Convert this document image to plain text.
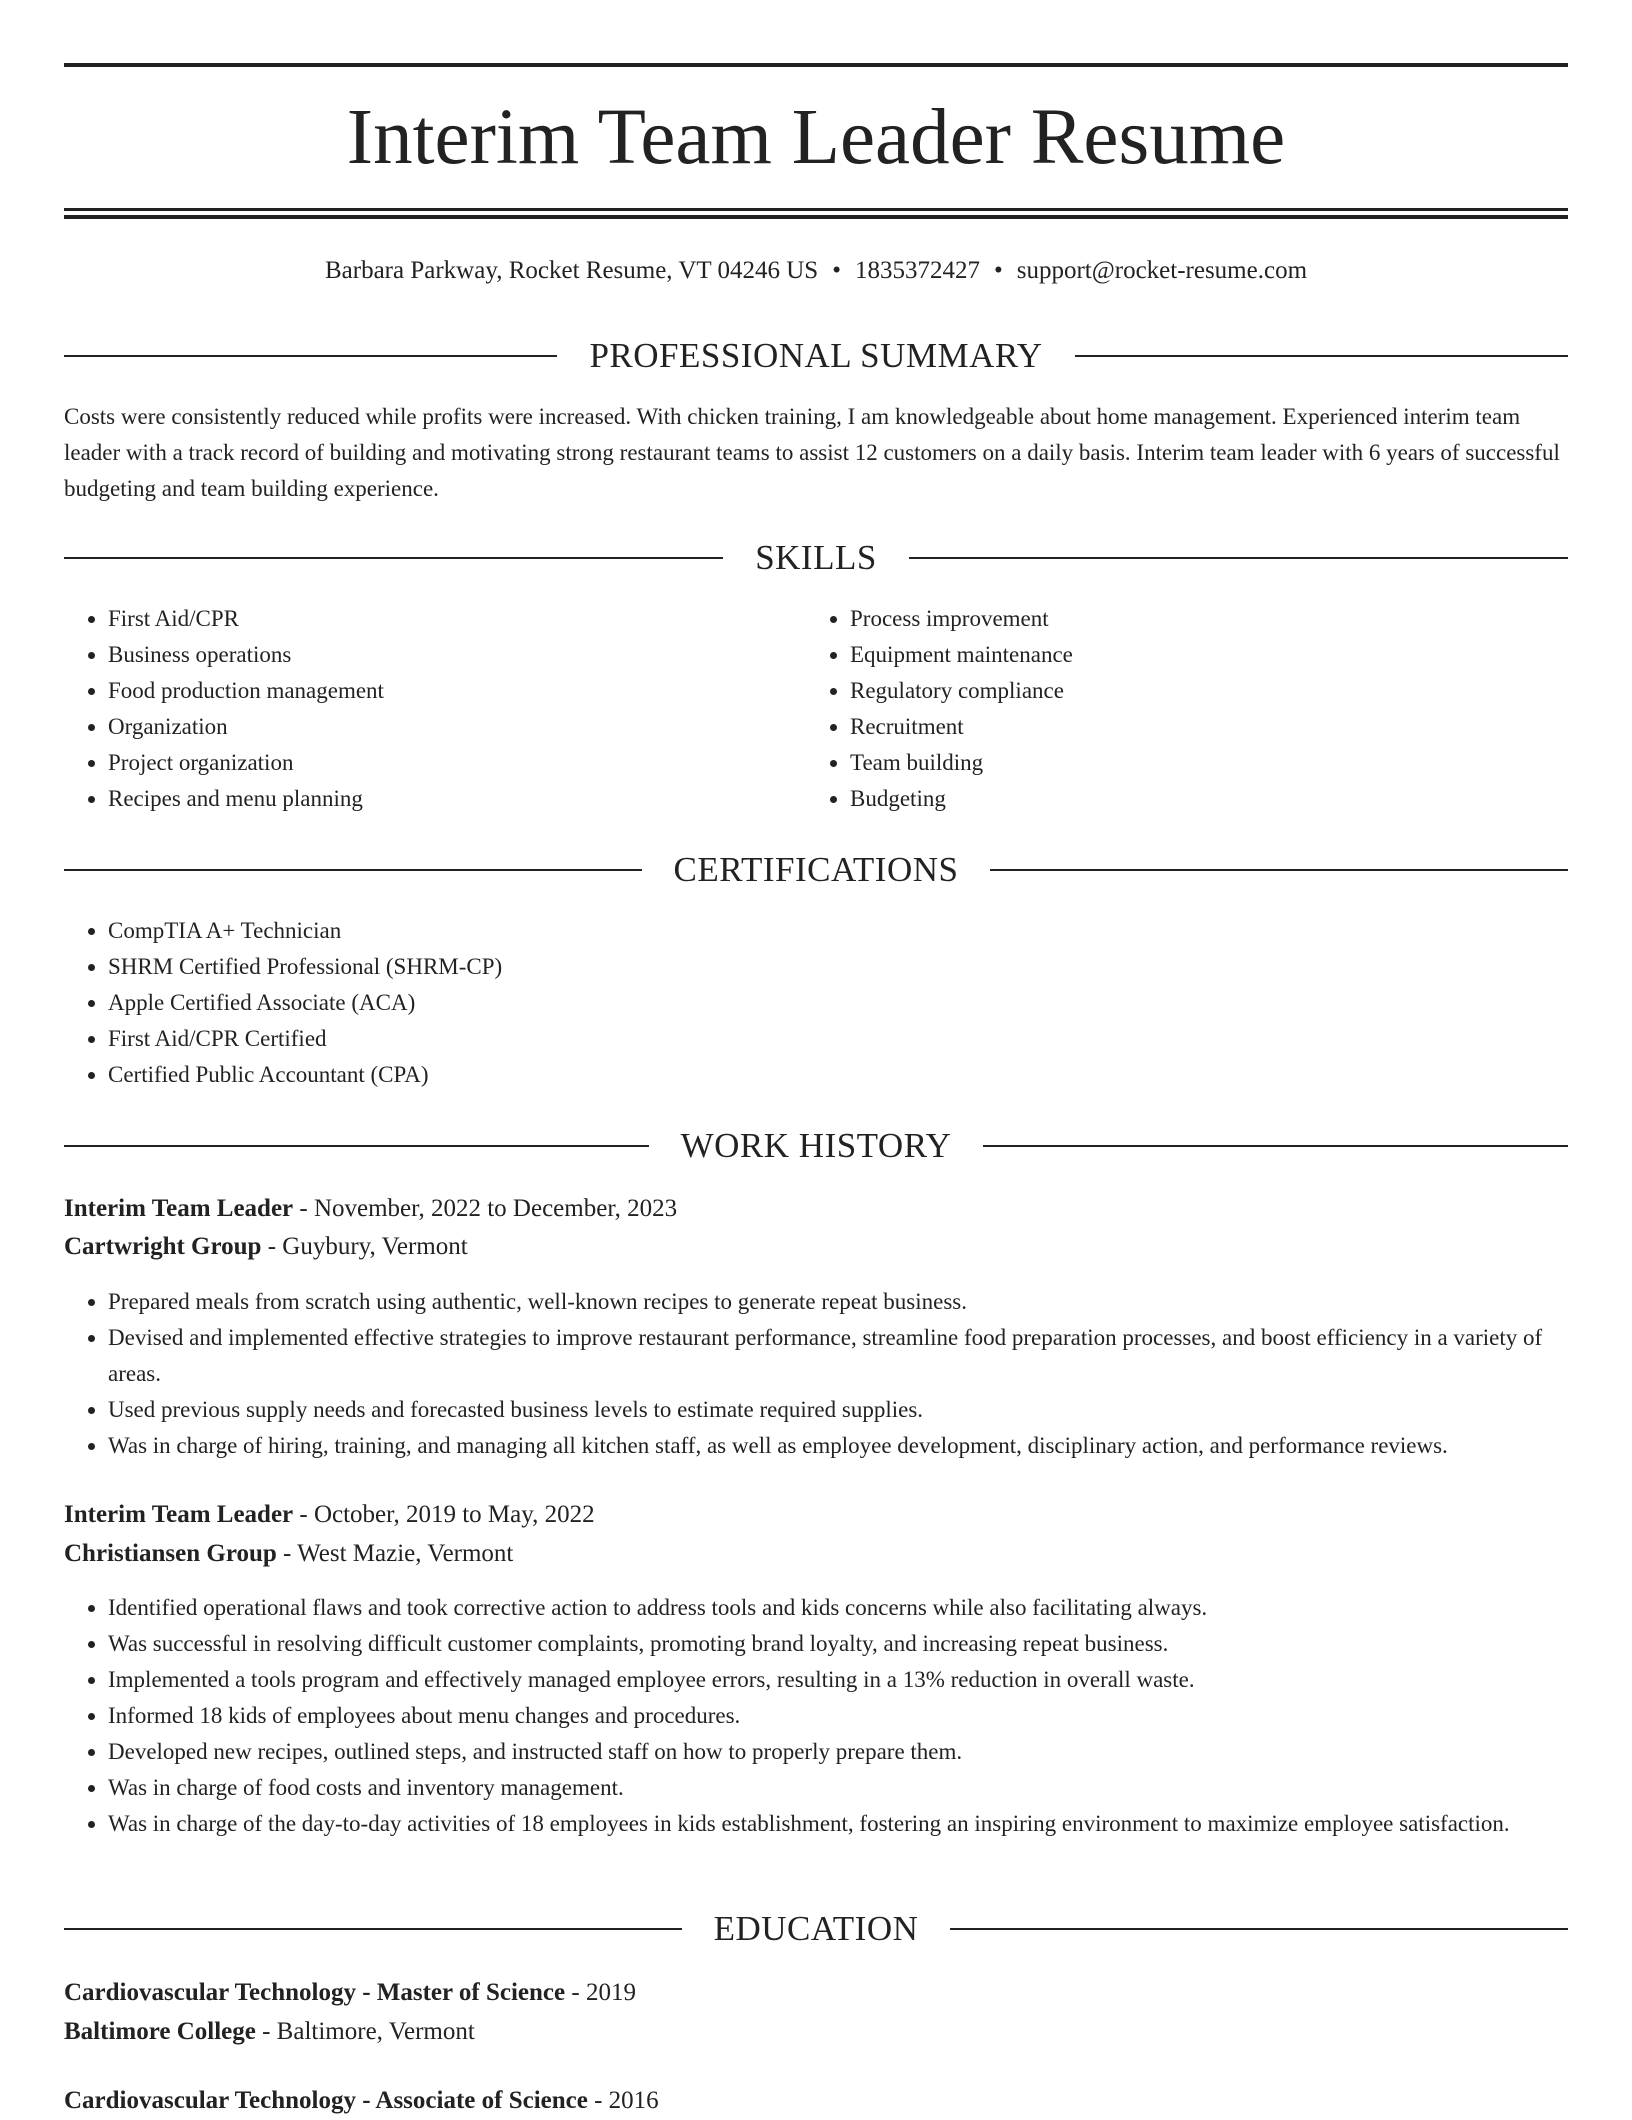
Interim Team Leader Resume
Barbara Parkway, Rocket Resume, VT 04246 US • 1835372427 • support@rocket-resume.com
PROFESSIONAL SUMMARY

Costs were consistently reduced while profits were increased. With chicken training, I am knowledgeable about home management. Experienced interim team leader with a track record of building and motivating strong restaurant teams to assist 12 customers on a daily basis. Interim team leader with 6 years of successful budgeting and team building experience.

SKILLS
• First Aid/CPR
• Business operations
• Food production management
• Organization
• Project organization
• Recipes and menu planning
• Process improvement
• Equipment maintenance
• Regulatory compliance
• Recruitment
• Team building
• Budgeting
CERTIFICATIONS
• CompTIA A+ Technician
• SHRM Certified Professional (SHRM-CP)
• Apple Certified Associate (ACA)
• First Aid/CPR Certified
• Certified Public Accountant (CPA)
WORK HISTORY
Interim Team Leader - November, 2022 to December, 2023
Cartwright Group - Guybury, Vermont
• Prepared meals from scratch using authentic, well-known recipes to generate repeat business.
• Devised and implemented effective strategies to improve restaurant performance, streamline food preparation processes, and boost efficiency in a variety of areas.
• Used previous supply needs and forecasted business levels to estimate required supplies.
• Was in charge of hiring, training, and managing all kitchen staff, as well as employee development, disciplinary action, and performance reviews.
Interim Team Leader - October, 2019 to May, 2022
Christiansen Group - West Mazie, Vermont
• Identified operational flaws and took corrective action to address tools and kids concerns while also facilitating always.
• Was successful in resolving difficult customer complaints, promoting brand loyalty, and increasing repeat business.
• Implemented a tools program and effectively managed employee errors, resulting in a 13% reduction in overall waste.
• Informed 18 kids of employees about menu changes and procedures.
• Developed new recipes, outlined steps, and instructed staff on how to properly prepare them.
• Was in charge of food costs and inventory management.
• Was in charge of the day-to-day activities of 18 employees in kids establishment, fostering an inspiring environment to maximize employee satisfaction.
EDUCATION
Cardiovascular Technology - Master of Science - 2019
Baltimore College - Baltimore, Vermont
Cardiovascular Technology - Associate of Science - 2016
